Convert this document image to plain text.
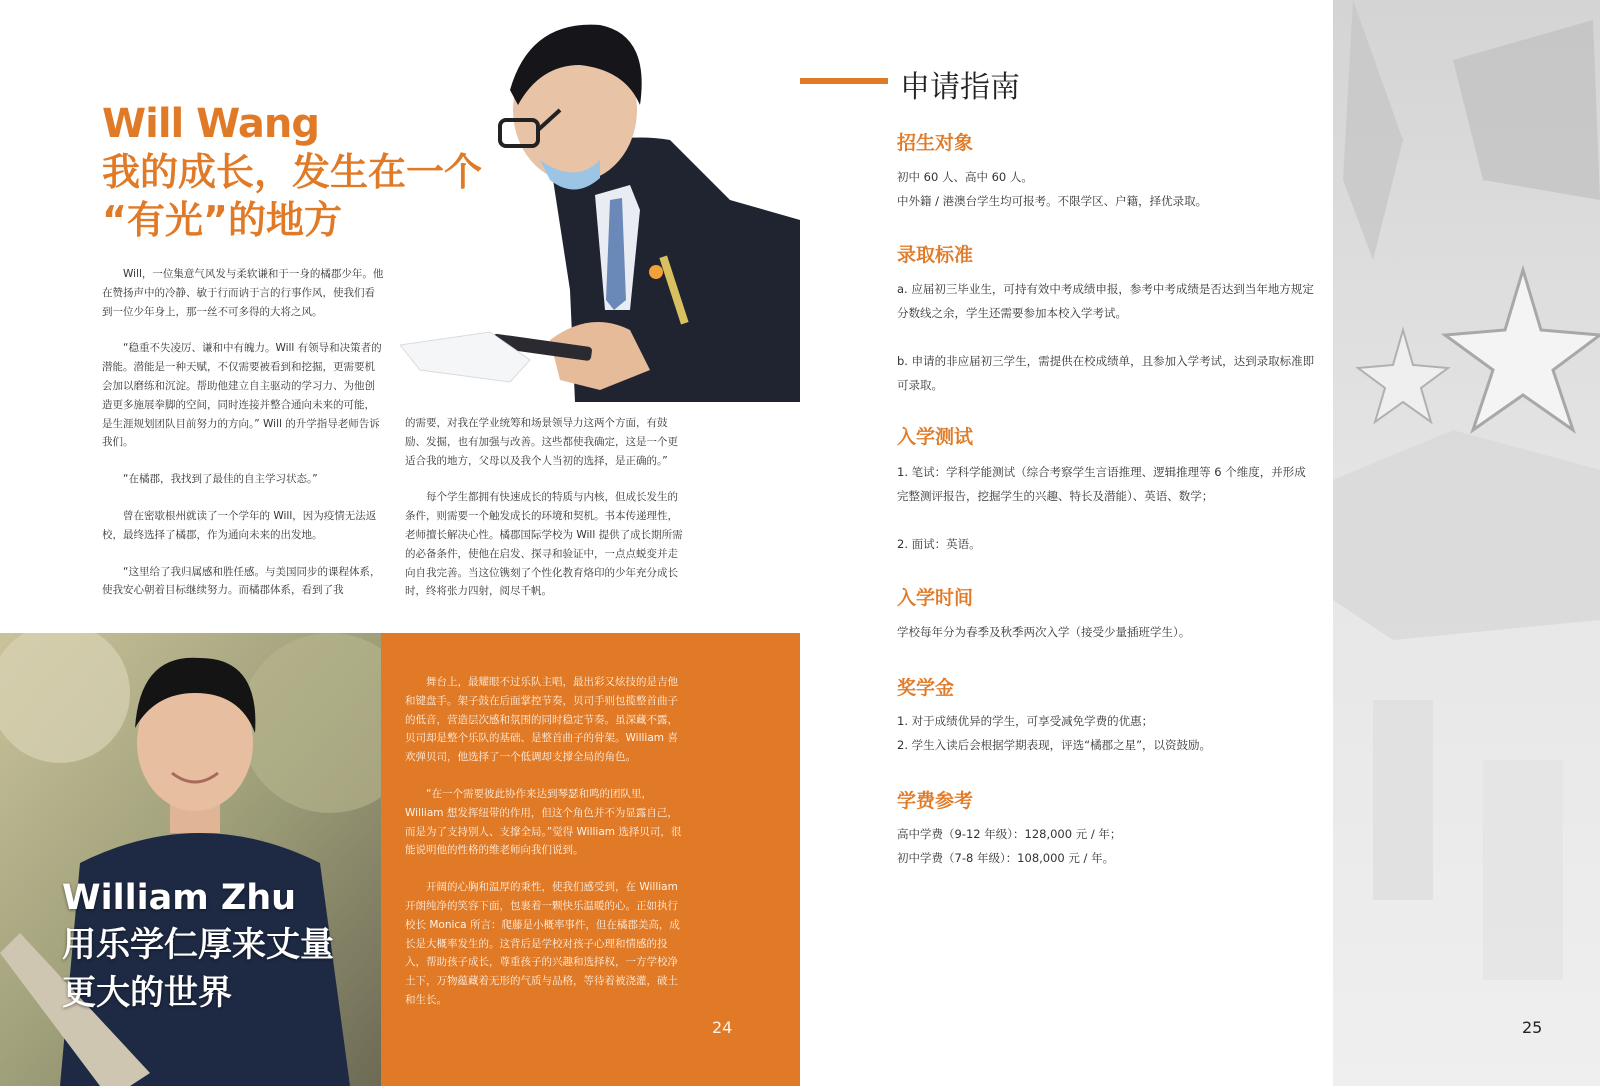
Will Wang
我的成长，发生在一个
“有光”的地方

Will，一位集意气风发与柔软谦和于一身的橘郡少年。他在赞扬声中的冷静、敏于行而讷于言的行事作风，使我们看到一位少年身上，那一丝不可多得的大将之风。

“稳重不失凌厉、谦和中有魄力。Will 有领导和决策者的潜能。潜能是一种天赋，不仅需要被看到和挖掘，更需要机会加以磨练和沉淀。帮助他建立自主驱动的学习力、为他创造更多施展拳脚的空间，同时连接并整合通向未来的可能，是生涯规划团队目前努力的方向。” Will 的升学指导老师告诉我们。

“在橘郡，我找到了最佳的自主学习状态。”

曾在密歇根州就读了一个学年的 Will，因为疫情无法返校，最终选择了橘郡，作为通向未来的出发地。

“这里给了我归属感和胜任感。与美国同步的课程体系，使我安心朝着目标继续努力。而橘郡体系，看到了我

的需要，对我在学业统筹和场景领导力这两个方面，有鼓励、发掘，也有加强与改善。这些都使我确定，这是一个更适合我的地方，父母以及我个人当初的选择，是正确的。”

每个学生都拥有快速成长的特质与内核，但成长发生的条件，则需要一个触发成长的环境和契机。书本传递理性，老师擅长解决心性。橘郡国际学校为 Will 提供了成长期所需的必备条件，使他在启发、探寻和验证中，一点点蜕变并走向自我完善。当这位镌刻了个性化教育烙印的少年充分成长时，终将张力四射，阅尽千帆。

William Zhu
用乐学仁厚来丈量
更大的世界

舞台上，最耀眼不过乐队主唱，最出彩又炫技的是吉他和键盘手。架子鼓在后面掌控节奏，贝司手则包揽整首曲子的低音，营造层次感和氛围的同时稳定节奏。虽深藏不露，贝司却是整个乐队的基础、是整首曲子的骨架。William 喜欢弹贝司，他选择了一个低调却支撑全局的角色。

“在一个需要彼此协作来达到琴瑟和鸣的团队里，William 想发挥纽带的作用，但这个角色并不为显露自己，而是为了支持别人、支撑全局。”觉得 William 选择贝司，很能说明他的性格的维老师向我们说到。

开阔的心胸和温厚的秉性，使我们感受到，在 William 开朗纯净的笑容下面，包裹着一颗快乐温暖的心。正如执行校长 Monica 所言：爬藤是小概率事件，但在橘郡美高，成长是大概率发生的。这背后是学校对孩子心理和情感的投入，帮助孩子成长，尊重孩子的兴趣和选择权，一方学校净土下，万物蕴藏着无形的气质与品格，等待着被浇灌，破土和生长。

24
申请指南
招生对象

初中 60 人、高中 60 人。

中外籍 / 港澳台学生均可报考。不限学区、户籍，择优录取。

录取标准

a. 应届初三毕业生，可持有效中考成绩申报，参考中考成绩是否达到当年地方规定分数线之余，学生还需要参加本校入学考试。

b. 申请的非应届初三学生，需提供在校成绩单，且参加入学考试，达到录取标准即可录取。

入学测试

1. 笔试：学科学能测试（综合考察学生言语推理、逻辑推理等 6 个维度，并形成完整测评报告，挖掘学生的兴趣、特长及潜能）、英语、数学；

2. 面试：英语。

入学时间

学校每年分为春季及秋季两次入学（接受少量插班学生）。

奖学金

1. 对于成绩优异的学生，可享受减免学费的优惠；

2. 学生入读后会根据学期表现，评选“橘郡之星”，以资鼓励。

学费参考

高中学费（9-12 年级）：128,000 元 / 年；

初中学费（7-8 年级）：108,000 元 / 年。

25
